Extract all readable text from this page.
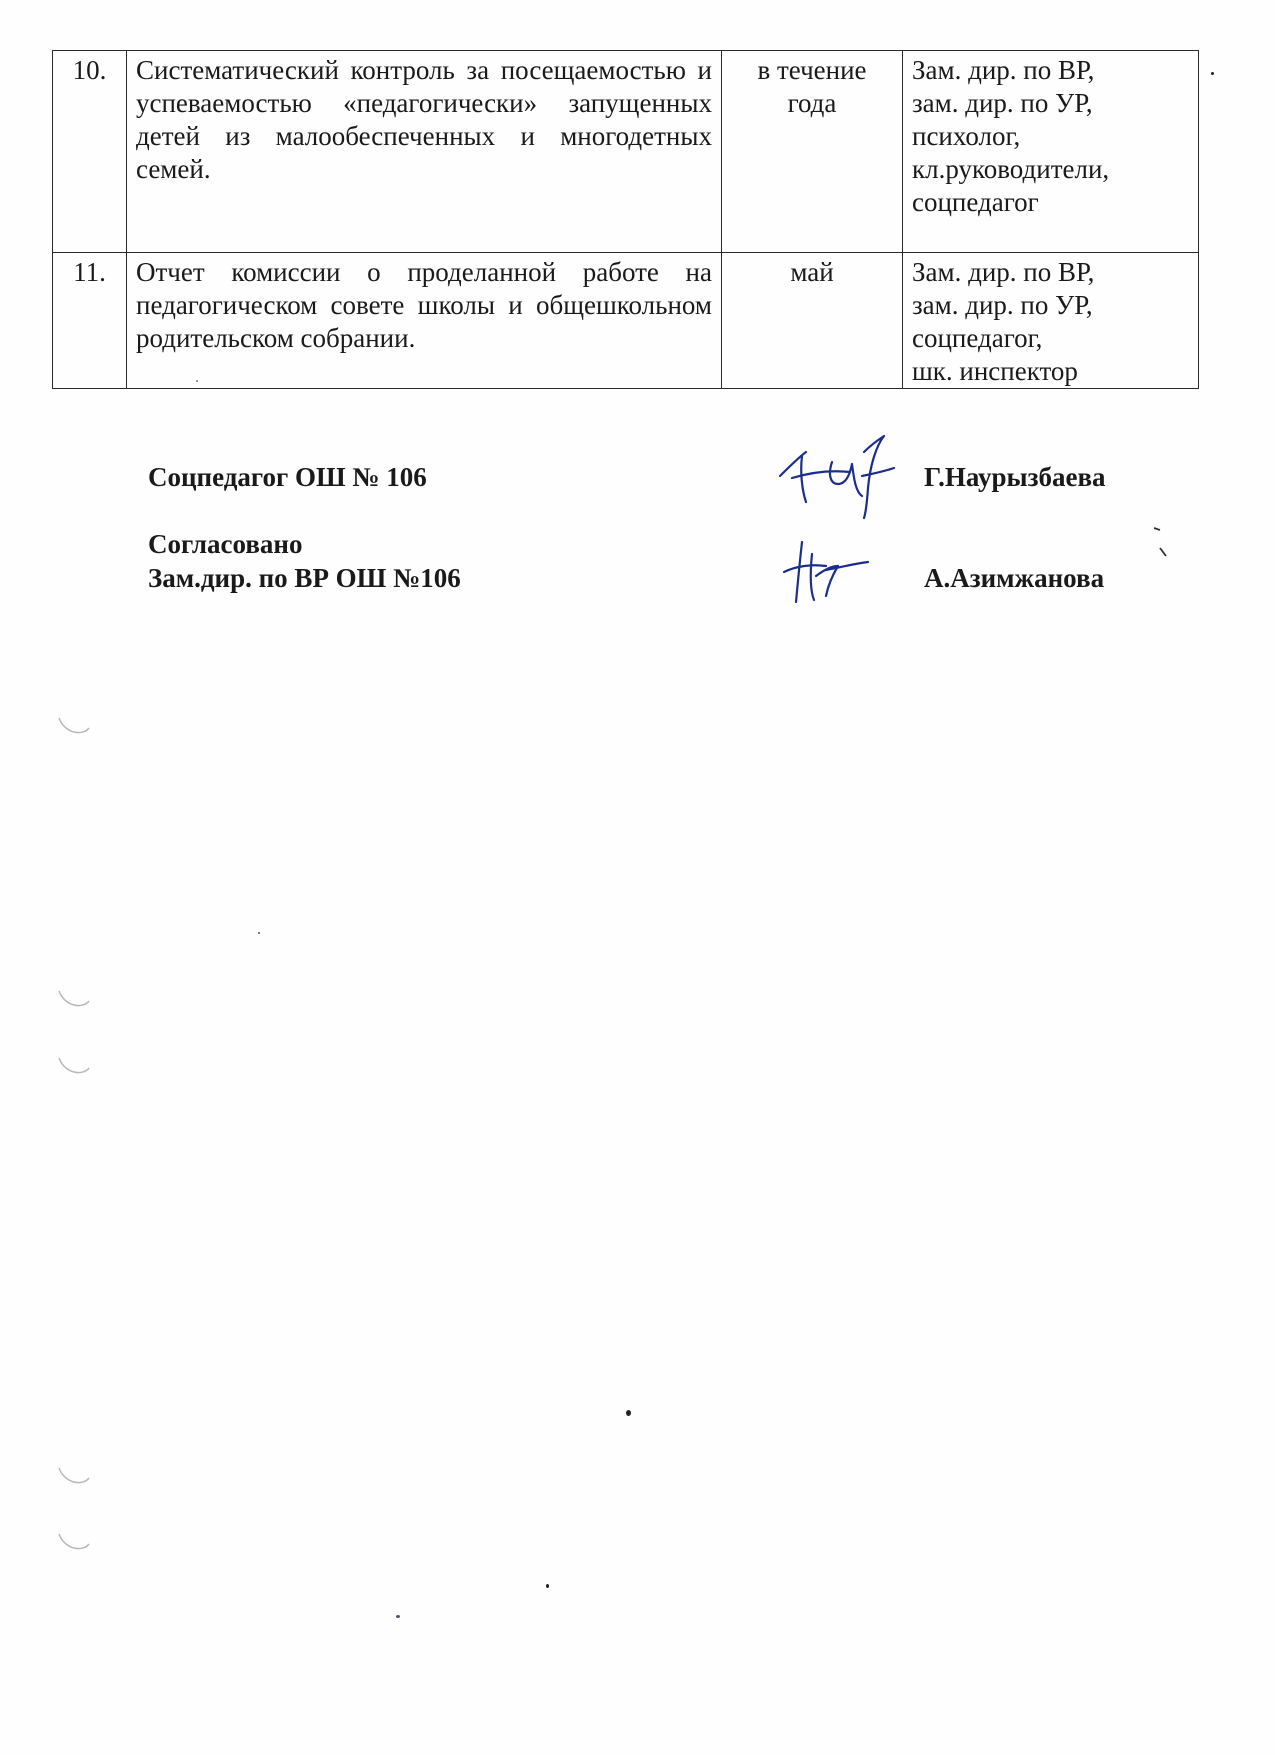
10.	Систематический контроль за посещаемостью и успеваемостью «педагогически» запущенных детей из малообеспеченных и многодетных семей.	в течение года	Зам. дир. по ВР,
зам. дир. по УР,
психолог,
кл.руководители,
соцпедагог

11.	Отчет комиссии о проделанной работе на педагогическом совете школы и общешкольном родительском собрании.	май	Зам. дир. по ВР,
зам. дир. по УР,
соцпедагог,
шк. инспектор
Соцпедагог ОШ № 106	Г.Наурызбаева
Согласовано
Зам.дир. по ВР ОШ №106	А.Азимжанова
